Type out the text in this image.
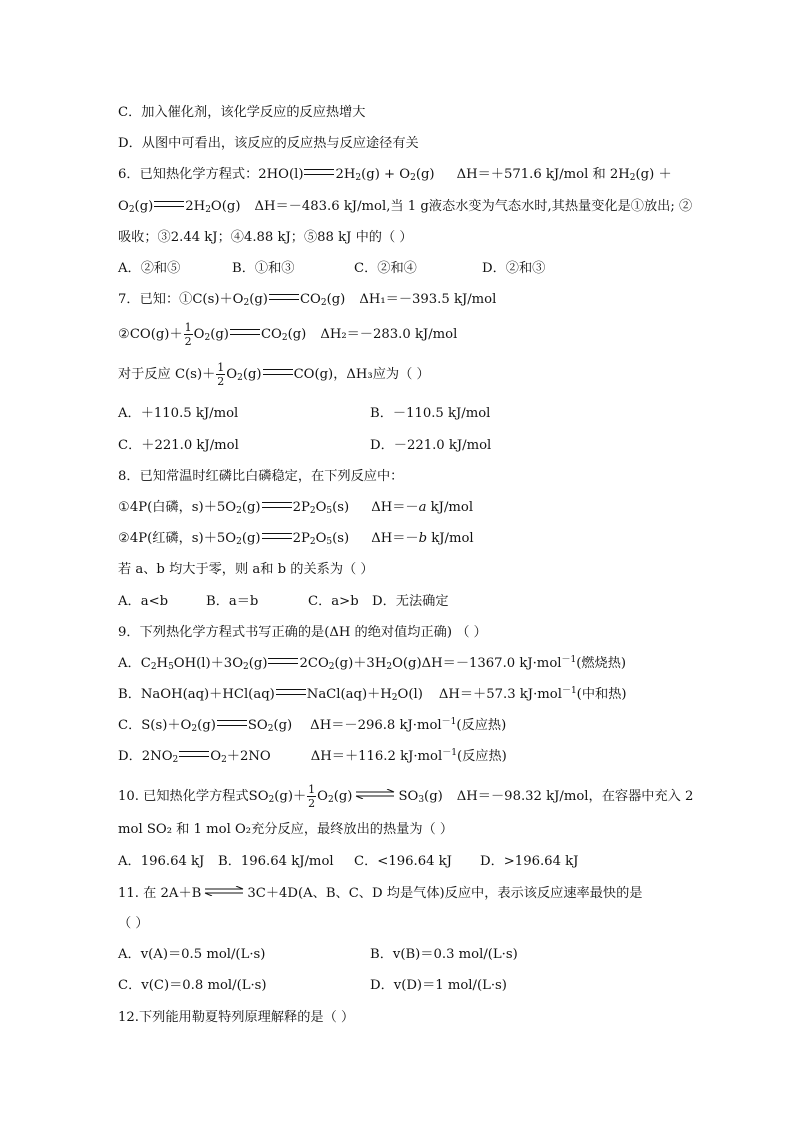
C．加入催化剂，该化学反应的反应热增大
D．从图中可看出，该反应的反应热与反应途径有关
6．已知热化学方程式：2HO(l) $2H_2(g) + O_2(g)$ ΔH＝＋571.6 kJ/mol 和 $2H_2(g)$ ＋
$O_2(g)$ $2H_2O(g)$ ΔH＝－483.6 kJ/mol,当 1 g液态水变为气态水时,其热量变化是①放出; ②
吸收；③2.44 kJ；④4.88 kJ；⑤88 kJ 中的（ ）
A．②和⑤	B．①和③	C．②和④	D．②和③
7．已知：$①C(s)+O_2(g)$ $CO_2(g)$ ΔH₁＝－393.5 kJ/mol
②CO(g)＋ $\frac{1}{2} O_2(g)$ $CO_2(g)$ ΔH₂＝－283.0 kJ/mol
对于反应 $C(s)+ \frac{1}{2} O_2(g)$ CO(g)，ΔH₃应为（ ）
A．＋110.5 kJ/mol	B．－110.5 kJ/mol
C．＋221.0 kJ/mol	D．－221.0 kJ/mol
8．已知常温时红磷比白磷稳定，在下列反应中：
①4P(白磷，$s)+5O_2(g)$ $2P_2O_5(s)$ ΔH＝－a kJ/mol
②4P(红磷，$s)+5O_2(g)$ $2P_2O_5(s)$ ΔH＝－b kJ/mol
若 a、b 均大于零，则 a和 b 的关系为（ ）
A．a<b	B．a＝b	C．a>b D．无法确定
9．下列热化学方程式书写正确的是(ΔH 的绝对值均正确) （ ）
A．$C_2H_5OH(l)+3O_2(g)$ $2CO_2(g)+3H_2O(g)\Delta H=-1367.0$ kJ·mol$^{-1}$(燃烧热)
B．NaOH(aq)＋HCl(aq) $NaCl(aq)+H_2O(l)$ ΔH＝＋57.3 kJ·mol$^{-1}$(中和热)
C．$S(s)+O_2(g)$ $SO_2(g)$ ΔH＝－296.8 kJ·mol$^{-1}$(反应热)
D．$2NO_2$ $O_2+2NO$	ΔH＝＋116.2 kJ·mol$^{-1}$(反应热)
10. 已知热化学方程式$SO_2(g)+ \frac{1}{2} O_2(g)$ ⇌ $SO_3(g)$ ΔH＝－98.32 kJ/mol，在容器中充入 2
mol SO₂ 和 1 mol O₂充分反应，最终放出的热量为（ ）
A．196.64 kJ B．196.64 kJ/mol C．<196.64 kJ D．>196.64 kJ
11. 在 2A＋B ⇌ 3C＋4D(A、B、C、D 均是气体)反应中，表示该反应速率最快的是
（ ）
A．v(A)＝0.5 mol/(L·s)	B．v(B)＝0.3 mol/(L·s)
C．v(C)＝0.8 mol/(L·s)	D．v(D)＝1 mol/(L·s)
12.下列能用勒夏特列原理解释的是（ ）
